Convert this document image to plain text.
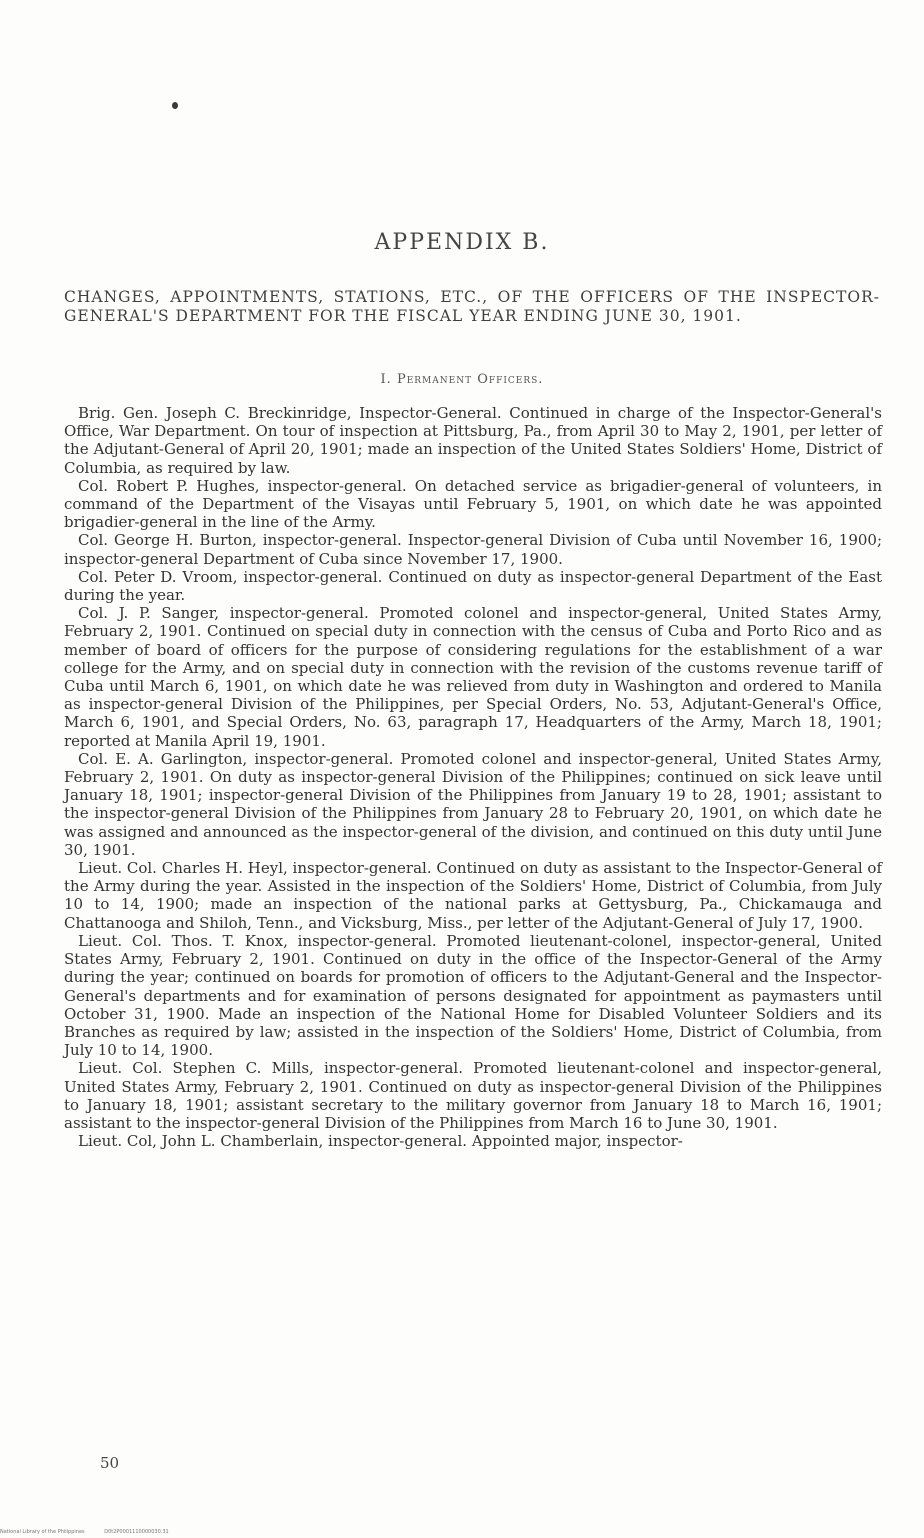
APPENDIX B.
CHANGES, APPOINTMENTS, STATIONS, ETC., OF THE OFFICERS OF THE INSPECTOR-GENERAL'S DEPARTMENT FOR THE FISCAL YEAR ENDING JUNE 30, 1901.
I. Permanent Officers.

Brig. Gen. Joseph C. Breckinridge, Inspector-General. Continued in charge of the Inspector-General's Office, War Department. On tour of inspection at Pittsburg, Pa., from April 30 to May 2, 1901, per letter of the Adjutant-General of April 20, 1901; made an inspection of the United States Soldiers' Home, District of Columbia, as required by law.

Col. Robert P. Hughes, inspector-general. On detached service as brigadier-general of volunteers, in command of the Department of the Visayas until February 5, 1901, on which date he was appointed brigadier-general in the line of the Army.

Col. George H. Burton, inspector-general. Inspector-general Division of Cuba until November 16, 1900; inspector-general Department of Cuba since November 17, 1900.

Col. Peter D. Vroom, inspector-general. Continued on duty as inspector-general Department of the East during the year.

Col. J. P. Sanger, inspector-general. Promoted colonel and inspector-general, United States Army, February 2, 1901. Continued on special duty in connection with the census of Cuba and Porto Rico and as member of board of officers for the purpose of considering regulations for the establishment of a war college for the Army, and on special duty in connection with the revision of the customs revenue tariff of Cuba until March 6, 1901, on which date he was relieved from duty in Washington and ordered to Manila as inspector-general Division of the Philippines, per Special Orders, No. 53, Adjutant-General's Office, March 6, 1901, and Special Orders, No. 63, paragraph 17, Headquarters of the Army, March 18, 1901; reported at Manila April 19, 1901.

Col. E. A. Garlington, inspector-general. Promoted colonel and inspector-general, United States Army, February 2, 1901. On duty as inspector-general Division of the Philippines; continued on sick leave until January 18, 1901; inspector-general Division of the Philippines from January 19 to 28, 1901; assistant to the inspector-general Division of the Philippines from January 28 to February 20, 1901, on which date he was assigned and announced as the inspector-general of the division, and continued on this duty until June 30, 1901.

Lieut. Col. Charles H. Heyl, inspector-general. Continued on duty as assistant to the Inspector-General of the Army during the year. Assisted in the inspection of the Soldiers' Home, District of Columbia, from July 10 to 14, 1900; made an inspection of the national parks at Gettysburg, Pa., Chickamauga and Chattanooga and Shiloh, Tenn., and Vicksburg, Miss., per letter of the Adjutant-General of July 17, 1900.

Lieut. Col. Thos. T. Knox, inspector-general. Promoted lieutenant-colonel, inspector-general, United States Army, February 2, 1901. Continued on duty in the office of the Inspector-General of the Army during the year; continued on boards for promotion of officers to the Adjutant-General and the Inspector-General's departments and for examination of persons designated for appointment as paymasters until October 31, 1900. Made an inspection of the National Home for Disabled Volunteer Soldiers and its Branches as required by law; assisted in the inspection of the Soldiers' Home, District of Columbia, from July 10 to 14, 1900.

Lieut. Col. Stephen C. Mills, inspector-general. Promoted lieutenant-colonel and inspector-general, United States Army, February 2, 1901. Continued on duty as inspector-general Division of the Philippines to January 18, 1901; assistant secretary to the military governor from January 18 to March 16, 1901; assistant to the inspector-general Division of the Philippines from March 16 to June 30, 1901.

Lieut. Col, John L. Chamberlain, inspector-general. Appointed major, inspector-

50
National Library of the Philippines	D0t2P0001110000030.31
